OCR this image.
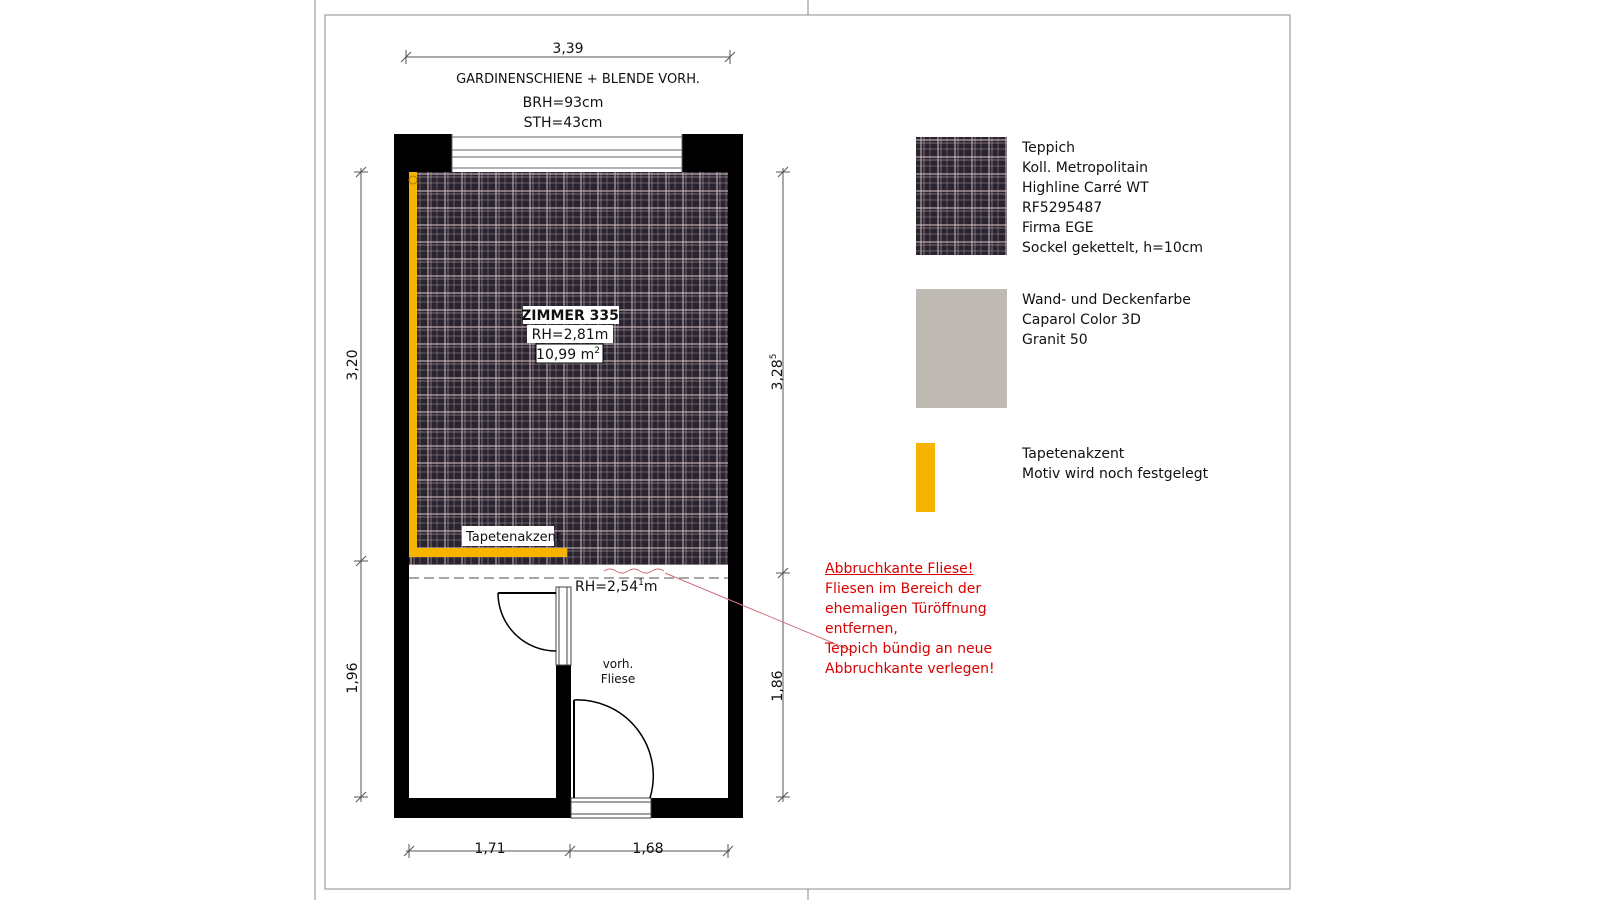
ZIMMER 335
RH=2,81m
10,99 $m^2$
Tapetenakzent
$RH=2,54^1m$
vorh.
Fliese
3,39
GARDINENSCHIENE + BLENDE VORH.
BRH=93cm
STH=43cm
3,20
1,96
3,28$^5$
1,86
1,71	1,68
Abbruchkante Fliese!
Fliesen im Bereich der
ehemaligen Türöffnung
entfernen,
Teppich bündig an neue
Abbruchkante verlegen!
Teppich
Koll. Metropolitain
Highline Carré WT
RF5295487
Firma EGE
Sockel gekettelt, h=10cm
Wand- und Deckenfarbe
Caparol Color 3D
Granit 50
Tapetenakzent
Motiv wird noch festgelegt
